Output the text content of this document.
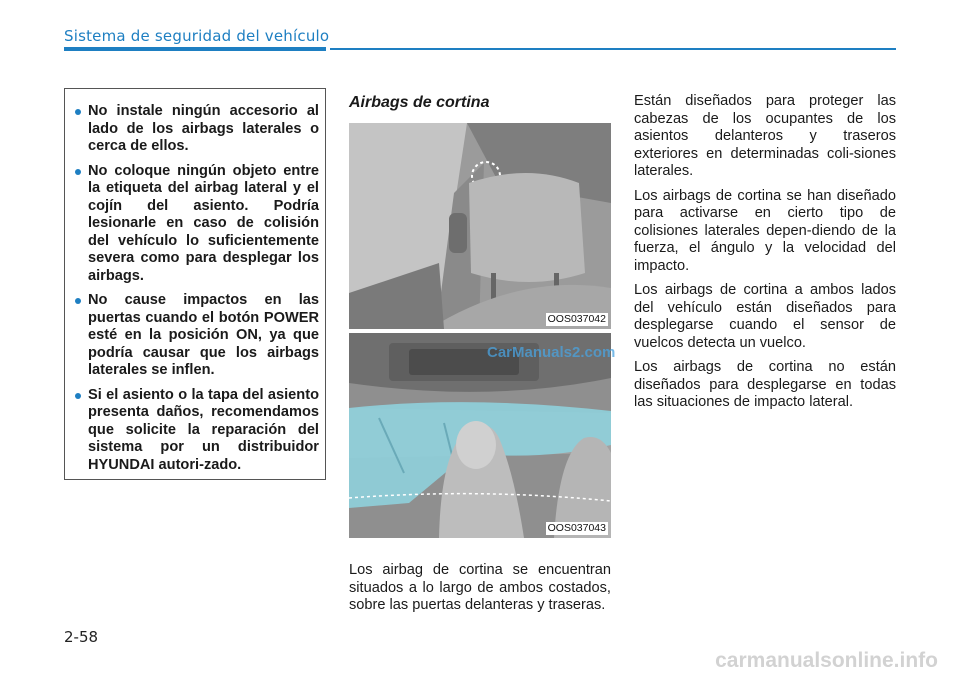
Sistema de seguridad del vehículo
No instale ningún accesorio al lado de los airbags laterales o cerca de ellos.
No coloque ningún objeto entre la etiqueta del airbag lateral y el cojín del asiento. Podría lesionarle en caso de colisión del vehículo lo suficientemente severa como para desplegar los airbags.
No cause impactos en las puertas cuando el botón POWER esté en la posición ON, ya que podría causar que los airbags laterales se inflen.
Si el asiento o la tapa del asiento presenta daños, recomendamos que solicite la reparación del sistema por un distribuidor HYUNDAI autori-zado.
Airbags de cortina
OOS037042
OOS037043
CarManuals2.com

Los airbag de cortina se encuentran situados a lo largo de ambos costados, sobre las puertas delanteras y traseras.

Están diseñados para proteger las cabezas de los ocupantes de los asientos delanteros y traseros exteriores en determinadas coli-siones laterales.

Los airbags de cortina se han diseñado para activarse en cierto tipo de colisiones laterales depen-diendo de la fuerza, el ángulo y la velocidad del impacto.

Los airbags de cortina a ambos lados del vehículo están diseñados para desplegarse cuando el sensor de vuelcos detecta un vuelco.

Los airbags de cortina no están diseñados para desplegarse en todas las situaciones de impacto lateral.

2-58
carmanualsonline.info
